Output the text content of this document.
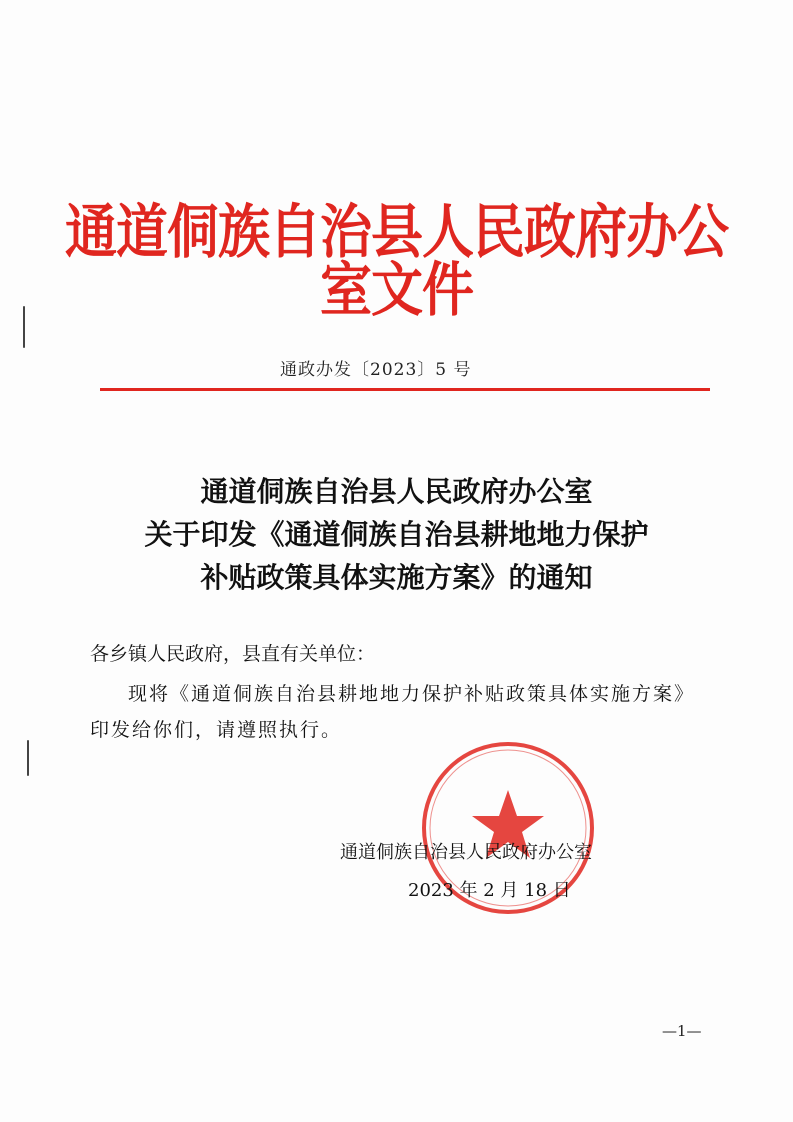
通道侗族自治县人民政府办公室文件
通政办发〔2023〕5 号
通道侗族自治县人民政府办公室
关于印发《通道侗族自治县耕地地力保护
补贴政策具体实施方案》的通知
各乡镇人民政府，县直有关单位：
现将《通道侗族自治县耕地地力保护补贴政策具体实施方案》印发给你们，请遵照执行。
通道侗族自治县人民政府办公室
2023 年 2 月 18 日
—1—
